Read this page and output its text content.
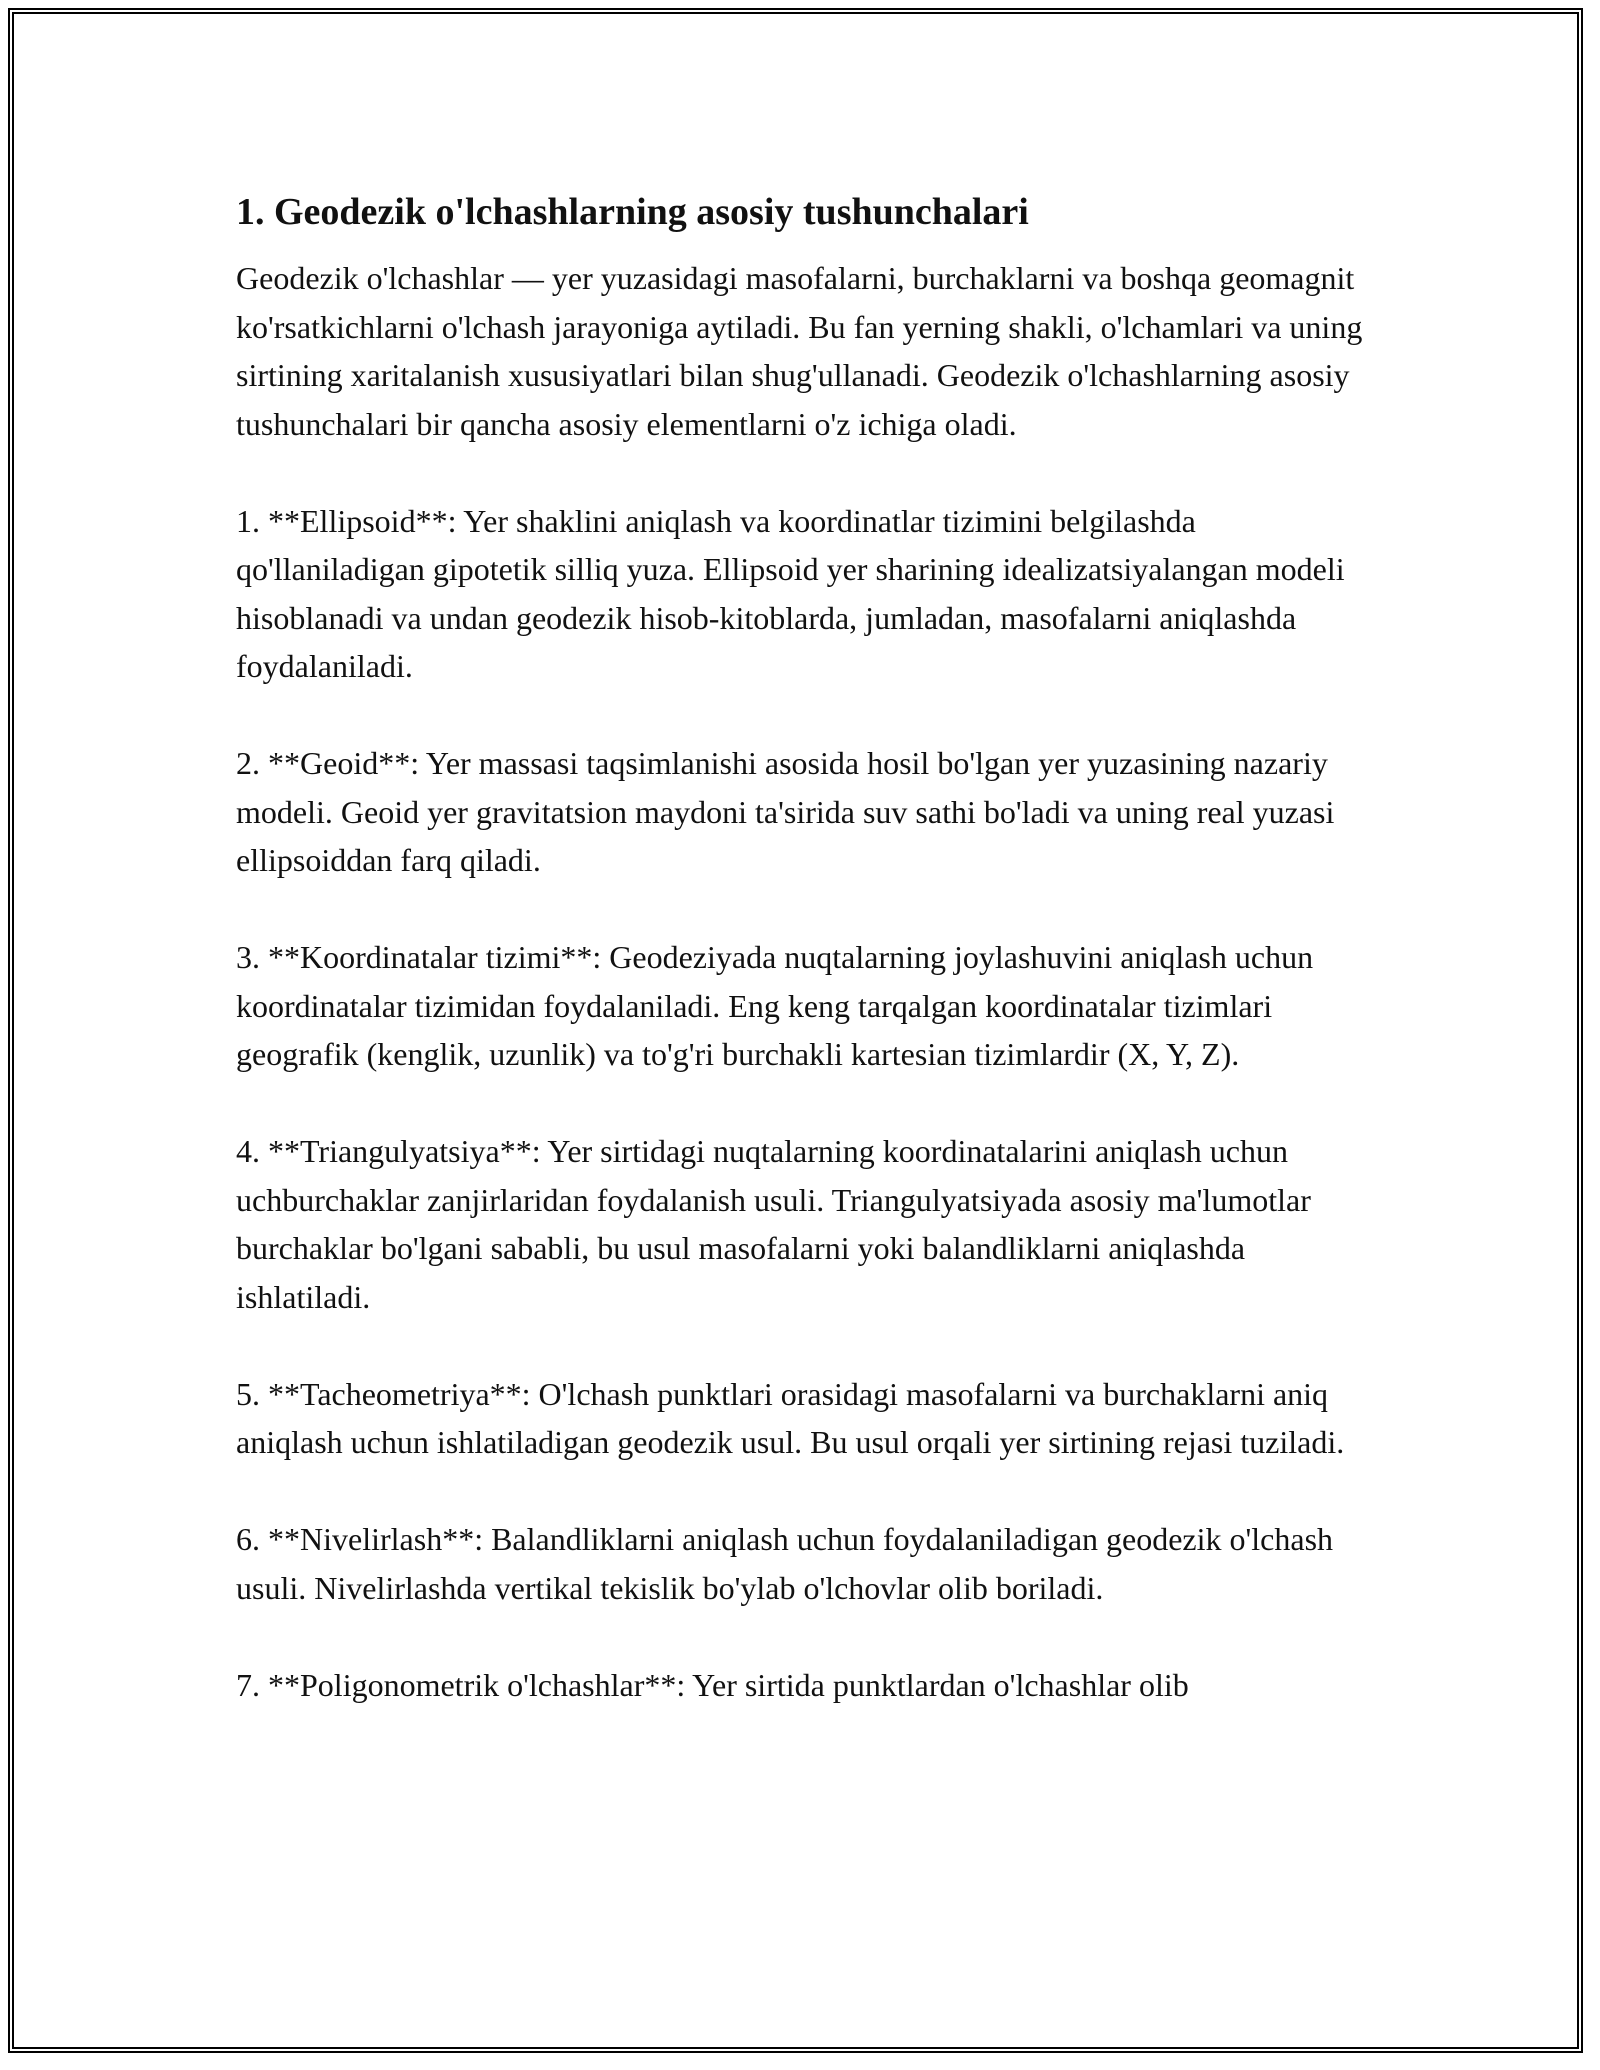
1. Geodezik o'lchashlarning asosiy tushunchalari

Geodezik o'lchashlar — yer yuzasidagi masofalarni, burchaklarni va boshqa geomagnit ko'rsatkichlarni o'lchash jarayoniga aytiladi. Bu fan yerning shakli, o'lchamlari va uning sirtining xaritalanish xususiyatlari bilan shug'ullanadi. Geodezik o'lchashlarning asosiy tushunchalari bir qancha asosiy elementlarni o'z ichiga oladi.

1. **Ellipsoid**: Yer shaklini aniqlash va koordinatlar tizimini belgilashda qo'llaniladigan gipotetik silliq yuza. Ellipsoid yer sharining idealizatsiyalangan modeli hisoblanadi va undan geodezik hisob-kitoblarda, jumladan, masofalarni aniqlashda foydalaniladi.

2. **Geoid**: Yer massasi taqsimlanishi asosida hosil bo'lgan yer yuzasining nazariy modeli. Geoid yer gravitatsion maydoni ta'sirida suv sathi bo'ladi va uning real yuzasi ellipsoiddan farq qiladi.

3. **Koordinatalar tizimi**: Geodeziyada nuqtalarning joylashuvini aniqlash uchun koordinatalar tizimidan foydalaniladi. Eng keng tarqalgan koordinatalar tizimlari geografik (kenglik, uzunlik) va to'g'ri burchakli kartesian tizimlardir (X, Y, Z).

4. **Triangulyatsiya**: Yer sirtidagi nuqtalarning koordinatalarini aniqlash uchun uchburchaklar zanjirlaridan foydalanish usuli. Triangulyatsiyada asosiy ma'lumotlar burchaklar bo'lgani sababli, bu usul masofalarni yoki balandliklarni aniqlashda ishlatiladi.

5. **Tacheometriya**: O'lchash punktlari orasidagi masofalarni va burchaklarni aniq aniqlash uchun ishlatiladigan geodezik usul. Bu usul orqali yer sirtining rejasi tuziladi.

6. **Nivelirlash**: Balandliklarni aniqlash uchun foydalaniladigan geodezik o'lchash usuli. Nivelirlashda vertikal tekislik bo'ylab o'lchovlar olib boriladi.

7. **Poligonometrik o'lchashlar**: Yer sirtida punktlardan o'lchashlar olib
